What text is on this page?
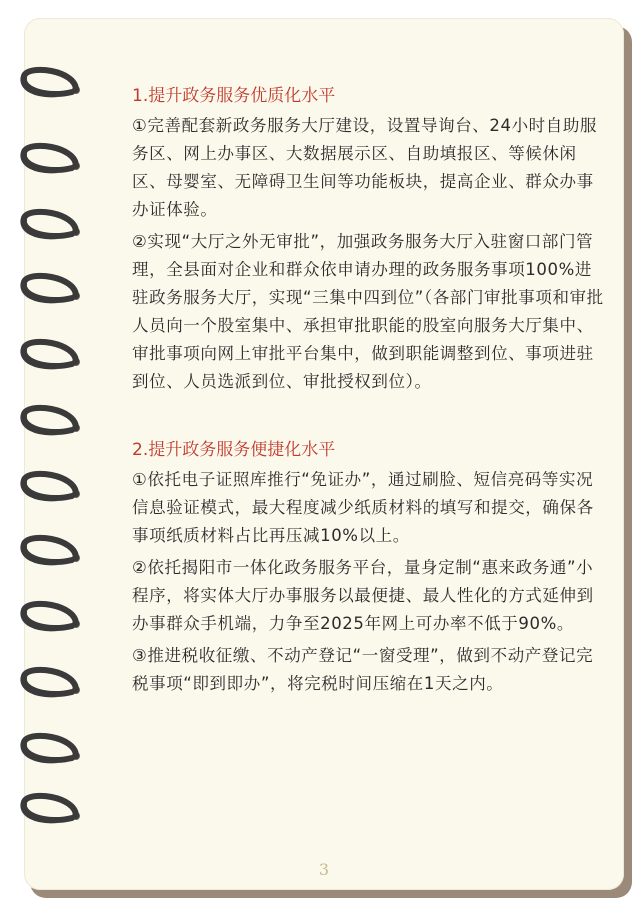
1.提升政务服务优质化水平
①完善配套新政务服务大厅建设，设置导询台、24小时自助服务区、网上办事区、大数据展示区、自助填报区、等候休闲区、母婴室、无障碍卫生间等功能板块，提高企业、群众办事办证体验。
②实现“大厅之外无审批”，加强政务服务大厅入驻窗口部门管理，全县面对企业和群众依申请办理的政务服务事项100%进驻政务服务大厅，实现“三集中四到位”（各部门审批事项和审批人员向一个股室集中、承担审批职能的股室向服务大厅集中、审批事项向网上审批平台集中，做到职能调整到位、事项进驻到位、人员选派到位、审批授权到位）。
2.提升政务服务便捷化水平
①依托电子证照库推行“免证办”，通过刷脸、短信亮码等实况信息验证模式，最大程度减少纸质材料的填写和提交，确保各事项纸质材料占比再压减10%以上。
②依托揭阳市一体化政务服务平台，量身定制“惠来政务通”小程序，将实体大厅办事服务以最便捷、最人性化的方式延伸到办事群众手机端，力争至2025年网上可办率不低于90%。
③推进税收征缴、不动产登记“一窗受理”，做到不动产登记完税事项“即到即办”，将完税时间压缩在1天之内。
3
